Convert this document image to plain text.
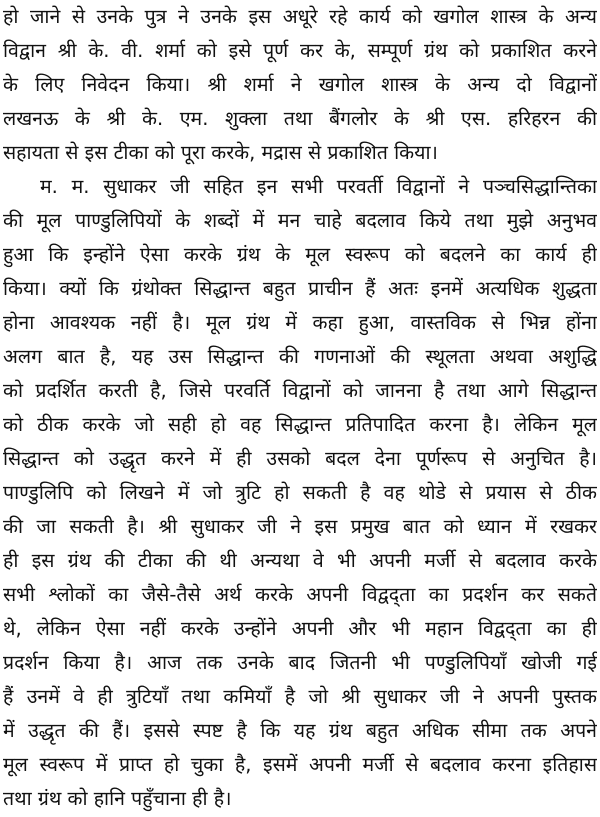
हो जाने से उनके पुत्र ने उनके इस अधूरे रहे कार्य को खगोल शास्त्र के अन्य
विद्वान श्री के. वी. शर्मा को इसे पूर्ण कर के, सम्पूर्ण ग्रंथ को प्रकाशित करने
के लिए निवेदन किया। श्री शर्मा ने खगोल शास्त्र के अन्य दो विद्वानों
लखनऊ के श्री के. एम. शुक्ला तथा बैंगलोर के श्री एस. हरिहरन की
सहायता से इस टीका को पूरा करके, मद्रास से प्रकाशित किया।
म. म. सुधाकर जी सहित इन सभी परवर्ती विद्वानों ने पञ्चसिद्धान्तिका
की मूल पाण्डुलिपियों के शब्दों में मन चाहे बदलाव किये तथा मुझे अनुभव
हुआ कि इन्होंने ऐसा करके ग्रंथ के मूल स्वरूप को बदलने का कार्य ही
किया। क्यों कि ग्रंथोक्त सिद्धान्त बहुत प्राचीन हैं अतः इनमें अत्यधिक शुद्धता
होना आवश्यक नहीं है। मूल ग्रंथ में कहा हुआ, वास्तविक से भिन्न होंना
अलग बात है, यह उस सिद्धान्त की गणनाओं की स्थूलता अथवा अशुद्धि
को प्रदर्शित करती है, जिसे परवर्ति विद्वानों को जानना है तथा आगे सिद्धान्त
को ठीक करके जो सही हो वह सिद्धान्त प्रतिपादित करना है। लेकिन मूल
सिद्धान्त को उद्धृत करने में ही उसको बदल देना पूर्णरूप से अनुचित है।
पाण्डुलिपि को लिखने में जो त्रुटि हो सकती है वह थोडे से प्रयास से ठीक
की जा सकती है। श्री सुधाकर जी ने इस प्रमुख बात को ध्यान में रखकर
ही इस ग्रंथ की टीका की थी अन्यथा वे भी अपनी मर्जी से बदलाव करके
सभी श्लोकों का जैसे-तैसे अर्थ करके अपनी विद्वद्ता का प्रदर्शन कर सकते
थे, लेकिन ऐसा नहीं करके उन्होंने अपनी और भी महान विद्वद्ता का ही
प्रदर्शन किया है। आज तक उनके बाद जितनी भी पण्डुलिपियाँ खोजी गई
हैं उनमें वे ही त्रुटियाँ तथा कमियाँ है जो श्री सुधाकर जी ने अपनी पुस्तक
में उद्धृत की हैं। इससे स्पष्ट है कि यह ग्रंथ बहुत अधिक सीमा तक अपने
मूल स्वरूप में प्राप्त हो चुका है, इसमें अपनी मर्जी से बदलाव करना इतिहास
तथा ग्रंथ को हानि पहुँचाना ही है।
